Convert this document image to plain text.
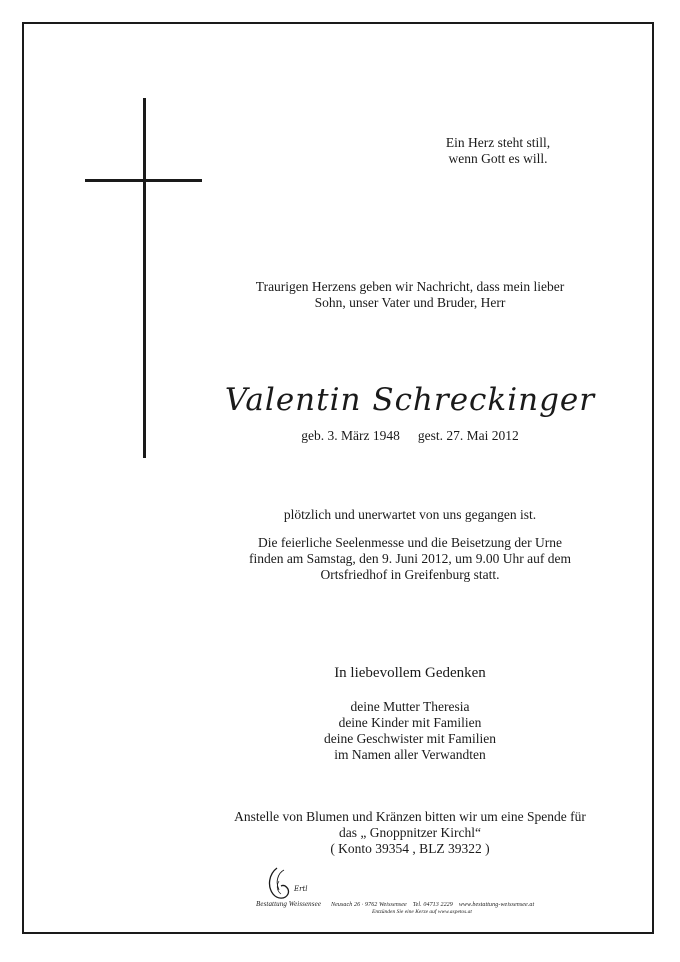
Ein Herz steht still,
wenn Gott es will.
Traurigen Herzens geben wir Nachricht, dass mein lieber
Sohn, unser Vater und Bruder, Herr
Valentin Schreckinger
geb. 3. März 1948 gest. 27. Mai 2012
plötzlich und unerwartet von uns gegangen ist.
Die feierliche Seelenmesse und die Beisetzung der Urne
finden am Samstag, den 9. Juni 2012, um 9.00 Uhr auf dem
Ortsfriedhof in Greifenburg statt.
In liebevollem Gedenken
deine Mutter Theresia
deine Kinder mit Familien
deine Geschwister mit Familien
im Namen aller Verwandten
Anstelle von Blumen und Kränzen bitten wir um eine Spende für
das „ Gnoppnitzer Kirchl“
( Konto 39354 , BLZ 39322 )
Ertl
Bestattung Weissensee Neusach 26 · 9762 Weissensee Tel. 04713 2229 www.bestattung-weissensee.at
Entzünden Sie eine Kerze auf www.aspetos.at
